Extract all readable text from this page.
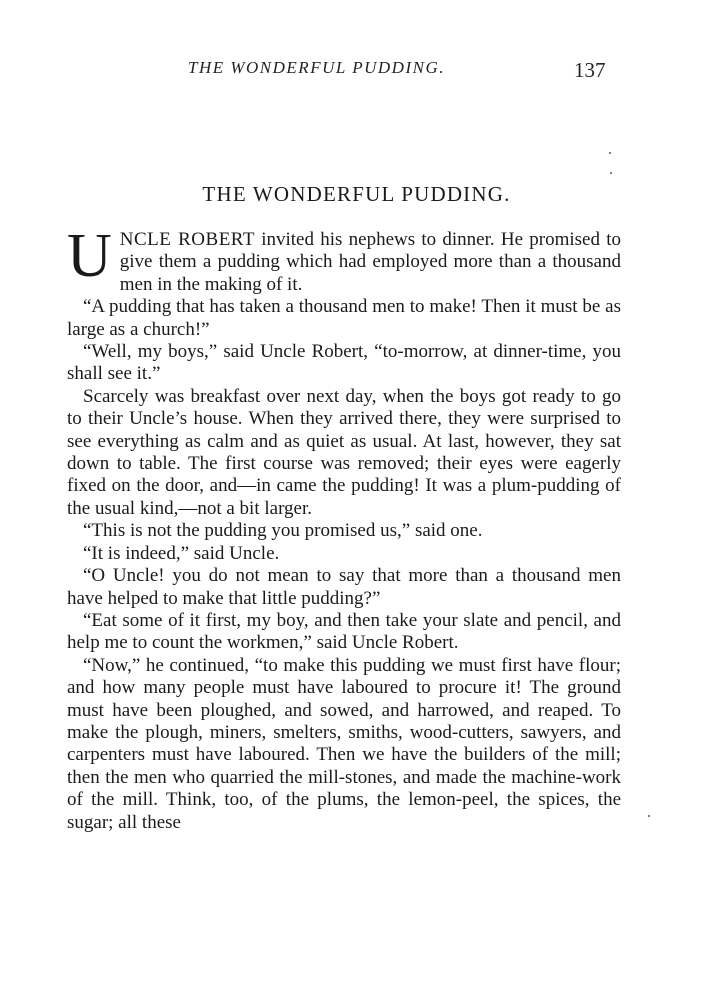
THE WONDERFUL PUDDING.	137
THE WONDERFUL PUDDING.

UNCLE ROBERT invited his nephews to dinner. He promised to give them a pudding which had employed more than a thousand men in the making of it.

“A pudding that has taken a thousand men to make! Then it must be as large as a church!”

“Well, my boys,” said Uncle Robert, “to-morrow, at dinner-time, you shall see it.”

Scarcely was breakfast over next day, when the boys got ready to go to their Uncle’s house. When they arrived there, they were surprised to see everything as calm and as quiet as usual. At last, however, they sat down to table. The first course was removed; their eyes were eagerly fixed on the door, and—in came the pudding! It was a plum-pudding of the usual kind,—not a bit larger.

“This is not the pudding you promised us,” said one.

“It is indeed,” said Uncle.

“O Uncle! you do not mean to say that more than a thousand men have helped to make that little pudding?”

“Eat some of it first, my boy, and then take your slate and pencil, and help me to count the workmen,” said Uncle Robert.

“Now,” he continued, “to make this pudding we must first have flour; and how many people must have laboured to procure it! The ground must have been ploughed, and sowed, and harrowed, and reaped. To make the plough, miners, smelters, smiths, wood-cutters, sawyers, and carpenters must have laboured. Then we have the builders of the mill; then the men who quarried the mill-stones, and made the machine-work of the mill. Think, too, of the plums, the lemon-peel, the spices, the sugar; all these
